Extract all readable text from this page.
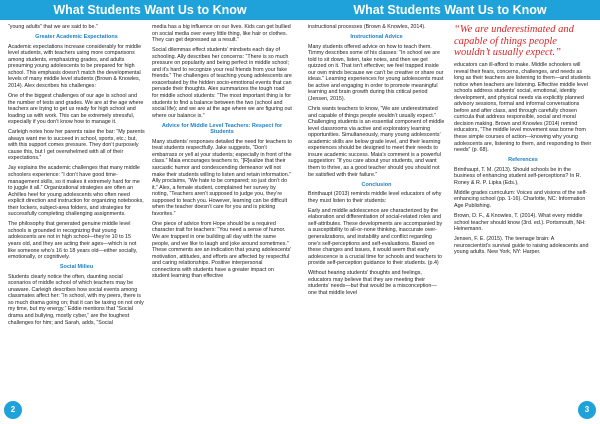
What Students Want Us to Know

“young adults” that we are said to be.”

Greater Academic Expectations

Academic expectations increase considerably for middle level students, with teachers using more comparisons among students, emphasizing grades, and adults presuming young adolescents to be prepared for high school. This emphasis doesn’t match the developmental levels of many middle level students (Brown & Knowles, 2014). Alex describes his challenges:

One of the biggest challenges of our age is school and the number of tests and grades. We are at the age where teachers are trying to get us ready for high school and loading us with work. This can be extremely stressful, especially if you don’t know how to manage it.

Carleigh notes how her parents raise the bar: “My parents always want me to succeed in school, sports, etc.; but, with this support comes pressure. They don’t purposely cause this, but I get overwhelmed with all of their expectations.”

Jay explains the academic challenges that many middle schoolers experience: “I don’t have good time-management skills, so it makes it extremely hard for me to juggle it all.” Organizational strategies are often an Achilles heel for young adolescents who often need explicit direction and instruction for organizing notebooks, their lockers, subject-area folders, and strategies for successfully completing challenging assignments.

The philosophy that generated genuine middle level schools is grounded in recognizing that young adolescents are not in high school—they’re 10 to 15 years old, and they are acting their ages—which is not like someone who’s 16 to 18 years old—either socially, emotionally, or cognitively.

Social Milieu

Students clearly notice the often, daunting social scenarios of middle school of which teachers may be unaware. Carleigh describes how social events among classmates affect her: “In school, with my peers, there is so much drama going on; that it can be taxing on not only my time, but my energy.” Eddie mentions that “Social drama and bullying, mostly cyber,” are the toughest challenges for him; and Sarah, adds, “Social

media has a big influence on our lives. Kids can get bullied on social media over every little thing, like hair or clothes. They can get depressed as a result.”

Social dilemmas effect students’ mindsets each day of schooling. Ally describes her concerns: “There is so much pressure on popularity and being perfect in middle school; and it’s hard to recognize your real friends from your fake friends.” The challenges of teaching young adolescents are exacerbated by the hidden socio-emotional events that can pervade their thoughts. Alex summarizes the tough road for middle school students: “The most important thing is for students to find a balance between the two (school and social life); and we are at the age where we are figuring out where our balance is.”

Advice for Middle Level Teachers: Respect for Students

Many students’ responses detailed the need for teachers to treat students respectfully. Jake suggests, “Don’t embarrass or yell at your students; especially in front of the class.” Maia encourages teachers to, “[R]ealize that their sarcastic humor and condescending demeanor will not make their students willing to listen and retain information.” Ally proclaims, “We hate to be compared; so just don’t do it.” Alex, a female student, complained her survey by noting, “Teachers aren’t supposed to judge you, they’re supposed to teach you. However, learning can be difficult when the teacher doesn’t care for you and is picking favorites.”

One piece of advice from Hope should be a required character trait for teachers: “You need a sense of humor. We are trapped in one building all day with the same people, and we like to laugh and joke around sometimes.” These comments are an indication that young adolescents’ motivation, attitudes, and efforts are affected by respectful and caring relationships. Positive interpersonal connections with students have a greater impact on student learning than effective

2
What Students Want Us to Know

instructional processes (Brown & Knowles, 2014).

Instructional Advice

Many students offered advice on how to teach them. Timmy describes some of his classes: “In school we are told to sit down, listen, take notes, and then we get quizzed on it. That isn’t effective; we feel trapped inside our own minds because we can’t be creative or share our ideas.” Learning experiences for young adolescents must be active and engaging in order to promote meaningful learning and brain growth during this critical period (Jensen, 2015).

Chris wants teachers to know, “We are underestimated and capable of things people wouldn’t usually expect.” Challenging students is an essential component of middle level classrooms via active and exploratory learning opportunities. Simultaneously, many young adolescents’ academic skills are below grade level, and their learning experiences should be designed to meet their needs to insure academic success. Maia’s comment is a powerful suggestion: “If you care about your students, and want them to thrive, as a good teacher should you should not be satisfied with their failure.”

Conclusion

Brinthaupt (2013) reminds middle level educators of why they must listen to their students:

Early and middle adolescence are characterized by the elaboration and differentiation of social-related roles and self-attributes. These developments are accompanied by a susceptibility to all-or-none thinking, inaccurate over-generalizations, and instability and conflict regarding one’s self-perceptions and self-evaluations. Based on these changes and issues, it would seem that early adolescence is a crucial time for schools and teachers to provide self-perception guidance to their students. (p.4)

Without hearing students’ thoughts and feelings, educators may believe that they are meeting their students’ needs—but that would be a misconception—one that middle level

“We are underestimated and capable of things people wouldn’t usually expect.”

educators can ill-afford to make. Middle schoolers will reveal their fears, concerns, challenges, and needs as long as their teachers are listening to them—and students notice when teachers are listening. Effective middle level schools address students’ social, emotional, identity development, and physical needs via explicitly planned advisory sessions, formal and informal conversations before and after class, and through carefully chosen curricula that address responsible, social and moral decision making. Brown and Knowles (2014) remind educators, “The middle level movement was borne from these simple courses of action—knowing why young adolescents are, listening to them, and responding to their needs” (p. 68).

References

Brinthaupt, T. M. (2013). Should schools be in the business of enhancing student self-perceptions? In R. Roney & R. P. Lipka (Eds.),

Middle grades curriculum: Voices and visions of the self-enhancing school (pp. 1-16). Charlotte, NC: Information Age Publishing.

Brown, D. F., & Knowles, T. (2014). What every middle school teacher should know (3rd. ed.). Portsmouth, NH: Heinemann.

Jensen, F. E. (2015). The teenage brain: A neuroscientist’s survival guide to raising adolescents and young adults. New York, NY: Harper.

3
